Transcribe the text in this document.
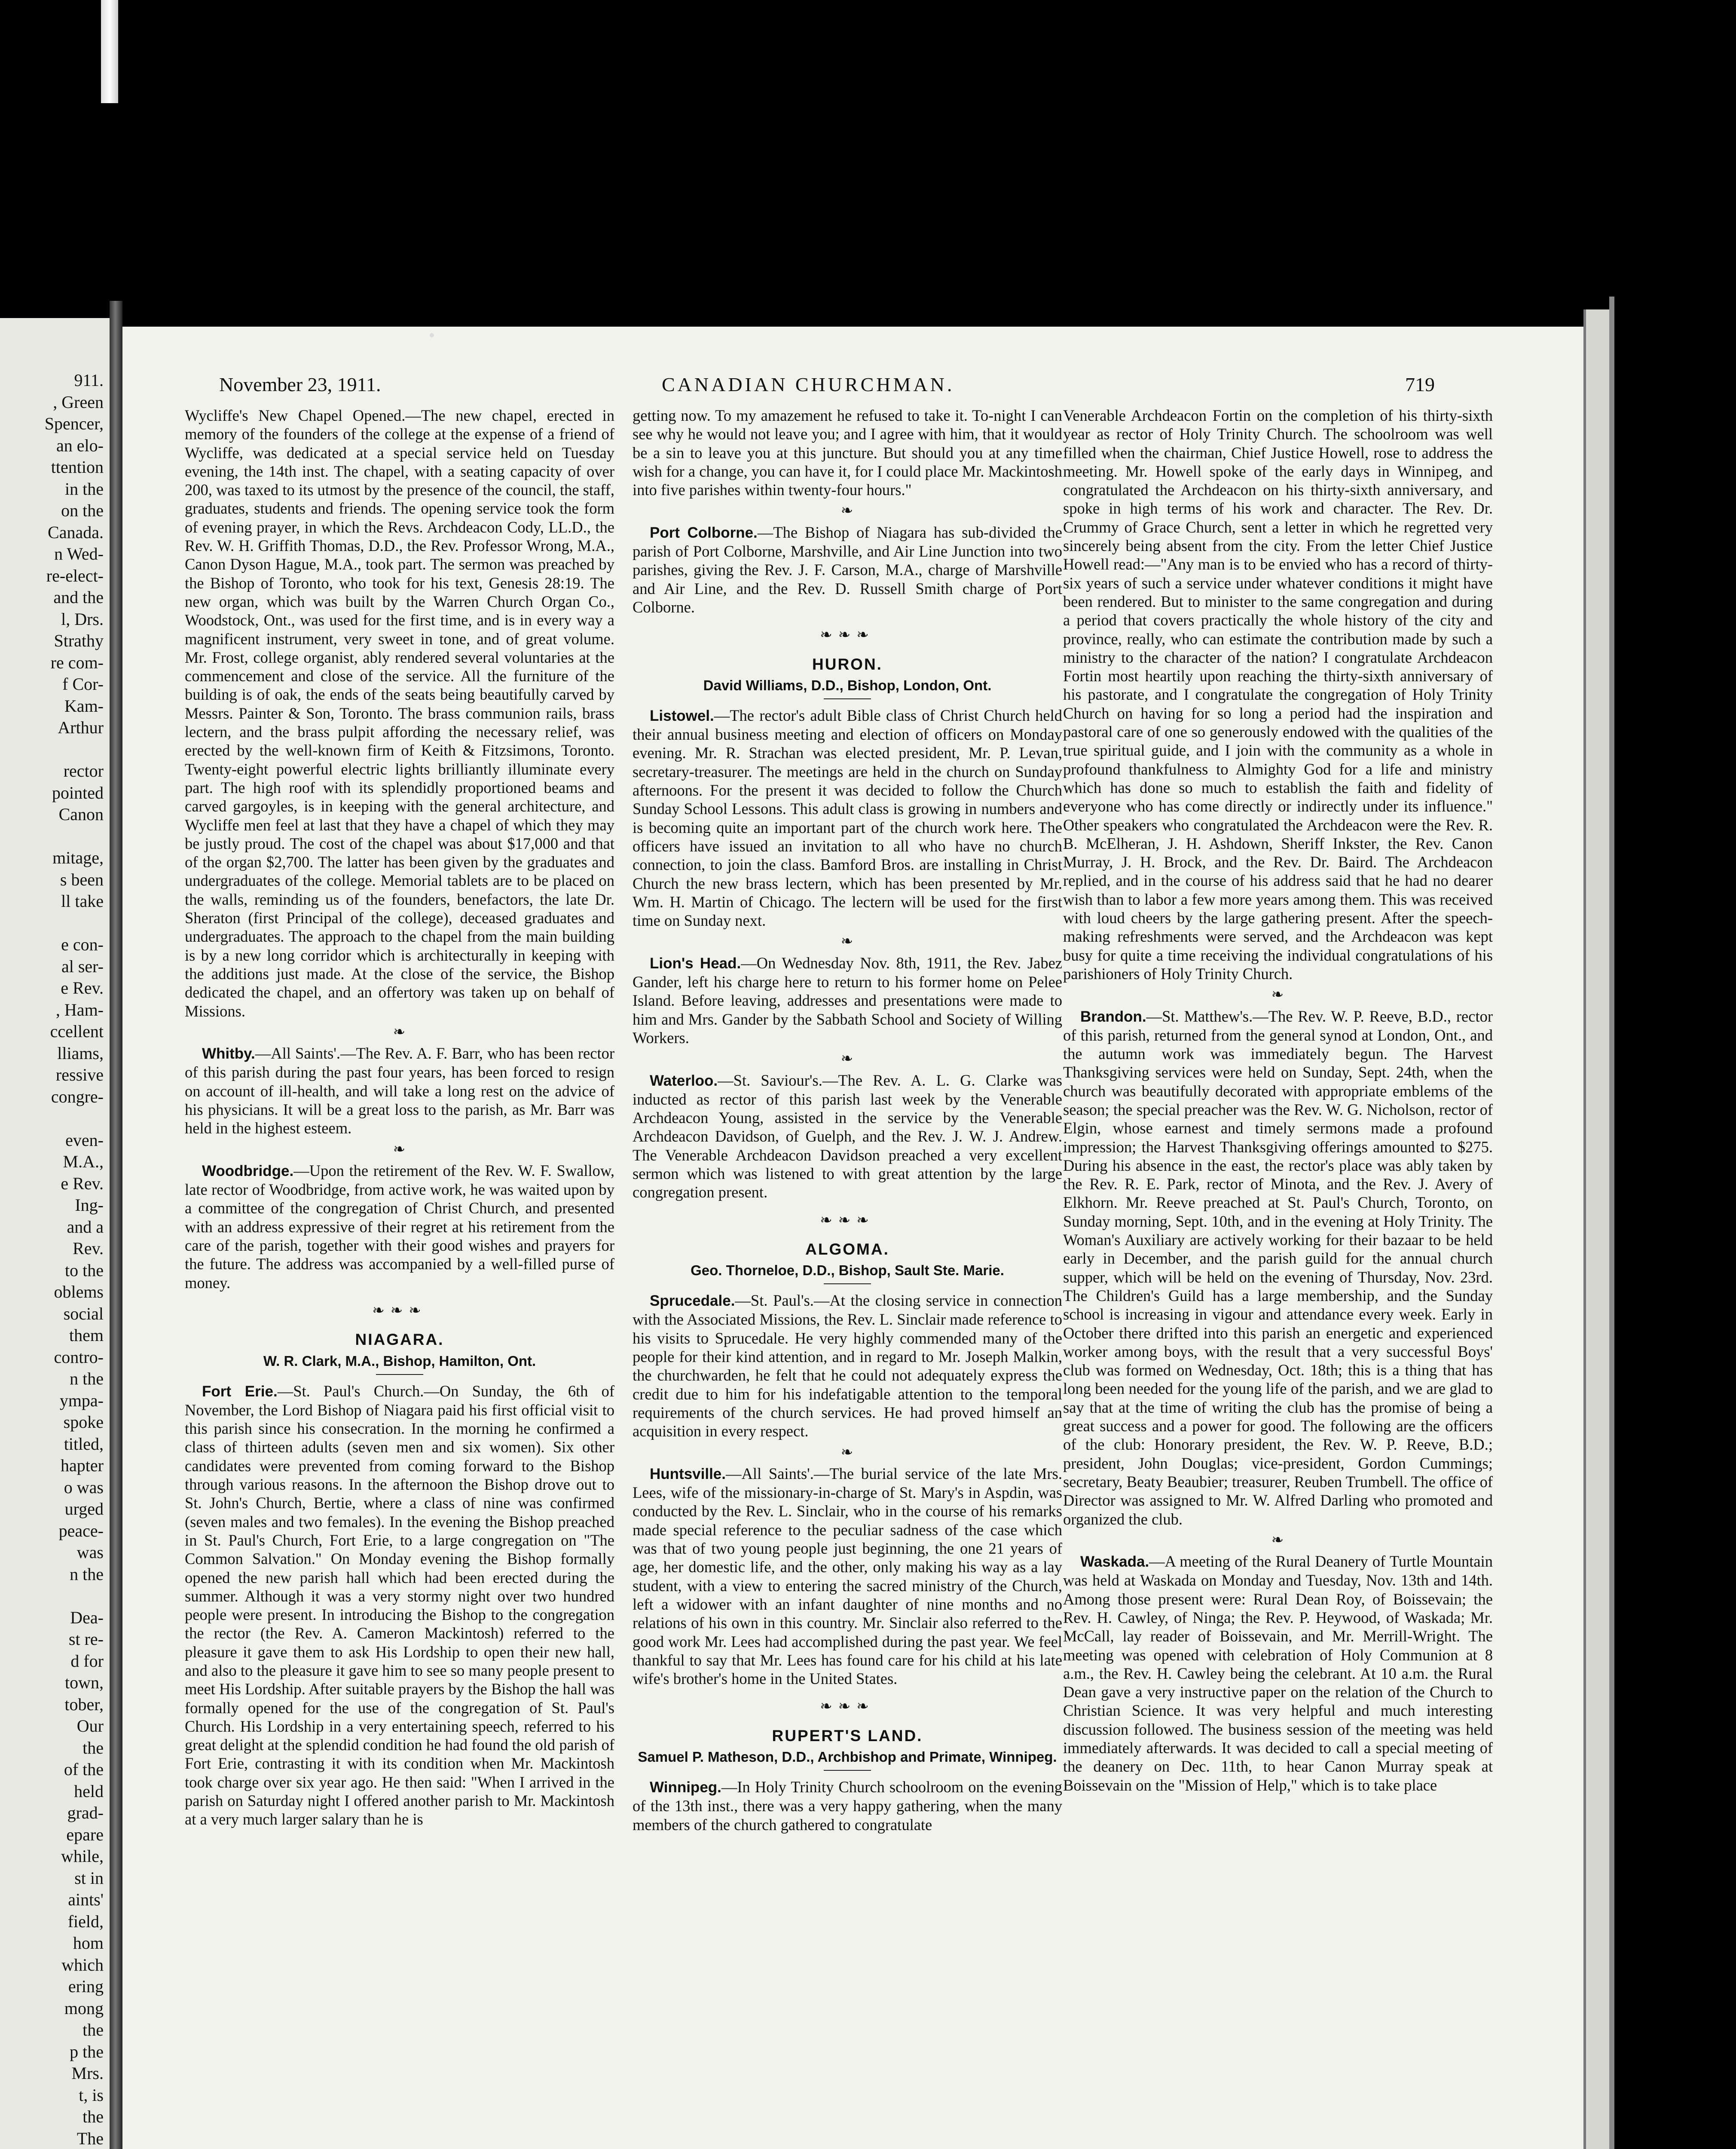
911.
, Green
Spencer,
an elo-
ttention
in the
on the
Canada.
n Wed-
re-elect-
and the
l, Drs.
Strathy
re com-
f Cor-
Kam-
Arthur
rector
pointed
Canon
mitage,
s been
ll take
e con-
al ser-
e Rev.
, Ham-
ccellent
lliams,
ressive
congre-
even-
M.A.,
e Rev.
Ing-
and a
Rev.
to the
oblems
social
them
contro-
n the
ympa-
spoke
titled,
hapter
o was
urged
peace-
was
n the
Dea-
st re-
d for
town,
tober,
Our
the
of the
held
grad-
epare
while,
st in
aints'
field,
hom
which
ering
mong
the
p the
Mrs.
t, is
the
The
November 23, 1911.	CANADIAN CHURCHMAN.	719

Wycliffe's New Chapel Opened.—The new chapel, erected in memory of the founders of the college at the expense of a friend of Wycliffe, was dedicated at a special service held on Tuesday evening, the 14th inst. The chapel, with a seating capacity of over 200, was taxed to its utmost by the presence of the council, the staff, graduates, students and friends. The opening service took the form of evening prayer, in which the Revs. Archdeacon Cody, LL.D., the Rev. W. H. Griffith Thomas, D.D., the Rev. Professor Wrong, M.A., Canon Dyson Hague, M.A., took part. The sermon was preached by the Bishop of Toronto, who took for his text, Genesis 28:19. The new organ, which was built by the Warren Church Organ Co., Woodstock, Ont., was used for the first time, and is in every way a magnificent instrument, very sweet in tone, and of great volume. Mr. Frost, college organist, ably rendered several voluntaries at the commencement and close of the service. All the furniture of the building is of oak, the ends of the seats being beautifully carved by Messrs. Painter & Son, Toronto. The brass communion rails, brass lectern, and the brass pulpit affording the necessary relief, was erected by the well-known firm of Keith & Fitzsimons, Toronto. Twenty-eight powerful electric lights brilliantly illuminate every part. The high roof with its splendidly proportioned beams and carved gargoyles, is in keeping with the general architecture, and Wycliffe men feel at last that they have a chapel of which they may be justly proud. The cost of the chapel was about $17,000 and that of the organ $2,700. The latter has been given by the graduates and undergraduates of the college. Memorial tablets are to be placed on the walls, reminding us of the founders, benefactors, the late Dr. Sheraton (first Principal of the college), deceased graduates and undergraduates. The approach to the chapel from the main building is by a new long corridor which is architecturally in keeping with the additions just made. At the close of the service, the Bishop dedicated the chapel, and an offertory was taken up on behalf of Missions.

❧

Whitby.—All Saints'.—The Rev. A. F. Barr, who has been rector of this parish during the past four years, has been forced to resign on account of ill-health, and will take a long rest on the advice of his physicians. It will be a great loss to the parish, as Mr. Barr was held in the highest esteem.

❧

Woodbridge.—Upon the retirement of the Rev. W. F. Swallow, late rector of Woodbridge, from active work, he was waited upon by a committee of the congregation of Christ Church, and presented with an address expressive of their regret at his retirement from the care of the parish, together with their good wishes and prayers for the future. The address was accompanied by a well-filled purse of money.

❧❧❧
NIAGARA.
W. R. Clark, M.A., Bishop, Hamilton, Ont.

Fort Erie.—St. Paul's Church.—On Sunday, the 6th of November, the Lord Bishop of Niagara paid his first official visit to this parish since his consecration. In the morning he confirmed a class of thirteen adults (seven men and six women). Six other candidates were prevented from coming forward to the Bishop through various reasons. In the afternoon the Bishop drove out to St. John's Church, Bertie, where a class of nine was confirmed (seven males and two females). In the evening the Bishop preached in St. Paul's Church, Fort Erie, to a large congregation on "The Common Salvation." On Monday evening the Bishop formally opened the new parish hall which had been erected during the summer. Although it was a very stormy night over two hundred people were present. In introducing the Bishop to the congregation the rector (the Rev. A. Cameron Mackintosh) referred to the pleasure it gave them to ask His Lordship to open their new hall, and also to the pleasure it gave him to see so many people present to meet His Lordship. After suitable prayers by the Bishop the hall was formally opened for the use of the congregation of St. Paul's Church. His Lordship in a very entertaining speech, referred to his great delight at the splendid condition he had found the old parish of Fort Erie, contrasting it with its condition when Mr. Mackintosh took charge over six year ago. He then said: "When I arrived in the parish on Saturday night I offered another parish to Mr. Mackintosh at a very much larger salary than he is

getting now. To my amazement he refused to take it. To-night I can see why he would not leave you; and I agree with him, that it would be a sin to leave you at this juncture. But should you at any time wish for a change, you can have it, for I could place Mr. Mackintosh into five parishes within twenty-four hours."

❧

Port Colborne.—The Bishop of Niagara has sub-divided the parish of Port Colborne, Marshville, and Air Line Junction into two parishes, giving the Rev. J. F. Carson, M.A., charge of Marshville and Air Line, and the Rev. D. Russell Smith charge of Port Colborne.

❧❧❧
HURON.
David Williams, D.D., Bishop, London, Ont.

Listowel.—The rector's adult Bible class of Christ Church held their annual business meeting and election of officers on Monday evening. Mr. R. Strachan was elected president, Mr. P. Levan, secretary-treasurer. The meetings are held in the church on Sunday afternoons. For the present it was decided to follow the Church Sunday School Lessons. This adult class is growing in numbers and is becoming quite an important part of the church work here. The officers have issued an invitation to all who have no church connection, to join the class. Bamford Bros. are installing in Christ Church the new brass lectern, which has been presented by Mr. Wm. H. Martin of Chicago. The lectern will be used for the first time on Sunday next.

❧

Lion's Head.—On Wednesday Nov. 8th, 1911, the Rev. Jabez Gander, left his charge here to return to his former home on Pelee Island. Before leaving, addresses and presentations were made to him and Mrs. Gander by the Sabbath School and Society of Willing Workers.

❧

Waterloo.—St. Saviour's.—The Rev. A. L. G. Clarke was inducted as rector of this parish last week by the Venerable Archdeacon Young, assisted in the service by the Venerable Archdeacon Davidson, of Guelph, and the Rev. J. W. J. Andrew. The Venerable Archdeacon Davidson preached a very excellent sermon which was listened to with great attention by the large congregation present.

❧❧❧
ALGOMA.
Geo. Thorneloe, D.D., Bishop, Sault Ste. Marie.

Sprucedale.—St. Paul's.—At the closing service in connection with the Associated Missions, the Rev. L. Sinclair made reference to his visits to Sprucedale. He very highly commended many of the people for their kind attention, and in regard to Mr. Joseph Malkin, the churchwarden, he felt that he could not adequately express the credit due to him for his indefatigable attention to the temporal requirements of the church services. He had proved himself an acquisition in every respect.

❧

Huntsville.—All Saints'.—The burial service of the late Mrs. Lees, wife of the missionary-in-charge of St. Mary's in Aspdin, was conducted by the Rev. L. Sinclair, who in the course of his remarks made special reference to the peculiar sadness of the case which was that of two young people just beginning, the one 21 years of age, her domestic life, and the other, only making his way as a lay student, with a view to entering the sacred ministry of the Church, left a widower with an infant daughter of nine months and no relations of his own in this country. Mr. Sinclair also referred to the good work Mr. Lees had accomplished during the past year. We feel thankful to say that Mr. Lees has found care for his child at his late wife's brother's home in the United States.

❧❧❧
RUPERT'S LAND.
Samuel P. Matheson, D.D., Archbishop and Primate, Winnipeg.

Winnipeg.—In Holy Trinity Church schoolroom on the evening of the 13th inst., there was a very happy gathering, when the many members of the church gathered to congratulate

Venerable Archdeacon Fortin on the completion of his thirty-sixth year as rector of Holy Trinity Church. The schoolroom was well filled when the chairman, Chief Justice Howell, rose to address the meeting. Mr. Howell spoke of the early days in Winnipeg, and congratulated the Archdeacon on his thirty-sixth anniversary, and spoke in high terms of his work and character. The Rev. Dr. Crummy of Grace Church, sent a letter in which he regretted very sincerely being absent from the city. From the letter Chief Justice Howell read:—"Any man is to be envied who has a record of thirty-six years of such a service under whatever conditions it might have been rendered. But to minister to the same congregation and during a period that covers practically the whole history of the city and province, really, who can estimate the contribution made by such a ministry to the character of the nation? I congratulate Archdeacon Fortin most heartily upon reaching the thirty-sixth anniversary of his pastorate, and I congratulate the congregation of Holy Trinity Church on having for so long a period had the inspiration and pastoral care of one so generously endowed with the qualities of the true spiritual guide, and I join with the community as a whole in profound thankfulness to Almighty God for a life and ministry which has done so much to establish the faith and fidelity of everyone who has come directly or indirectly under its influence." Other speakers who congratulated the Archdeacon were the Rev. R. B. McElheran, J. H. Ashdown, Sheriff Inkster, the Rev. Canon Murray, J. H. Brock, and the Rev. Dr. Baird. The Archdeacon replied, and in the course of his address said that he had no dearer wish than to labor a few more years among them. This was received with loud cheers by the large gathering present. After the speech-making refreshments were served, and the Archdeacon was kept busy for quite a time receiving the individual congratulations of his parishioners of Holy Trinity Church.

❧

Brandon.—St. Matthew's.—The Rev. W. P. Reeve, B.D., rector of this parish, returned from the general synod at London, Ont., and the autumn work was immediately begun. The Harvest Thanksgiving services were held on Sunday, Sept. 24th, when the church was beautifully decorated with appropriate emblems of the season; the special preacher was the Rev. W. G. Nicholson, rector of Elgin, whose earnest and timely sermons made a profound impression; the Harvest Thanksgiving offerings amounted to $275. During his absence in the east, the rector's place was ably taken by the Rev. R. E. Park, rector of Minota, and the Rev. J. Avery of Elkhorn. Mr. Reeve preached at St. Paul's Church, Toronto, on Sunday morning, Sept. 10th, and in the evening at Holy Trinity. The Woman's Auxiliary are actively working for their bazaar to be held early in December, and the parish guild for the annual church supper, which will be held on the evening of Thursday, Nov. 23rd. The Children's Guild has a large membership, and the Sunday school is increasing in vigour and attendance every week. Early in October there drifted into this parish an energetic and experienced worker among boys, with the result that a very successful Boys' club was formed on Wednesday, Oct. 18th; this is a thing that has long been needed for the young life of the parish, and we are glad to say that at the time of writing the club has the promise of being a great success and a power for good. The following are the officers of the club: Honorary president, the Rev. W. P. Reeve, B.D.; president, John Douglas; vice-president, Gordon Cummings; secretary, Beaty Beaubier; treasurer, Reuben Trumbell. The office of Director was assigned to Mr. W. Alfred Darling who promoted and organized the club.

❧

Waskada.—A meeting of the Rural Deanery of Turtle Mountain was held at Waskada on Monday and Tuesday, Nov. 13th and 14th. Among those present were: Rural Dean Roy, of Boissevain; the Rev. H. Cawley, of Ninga; the Rev. P. Heywood, of Waskada; Mr. McCall, lay reader of Boissevain, and Mr. Merrill-Wright. The meeting was opened with celebration of Holy Communion at 8 a.m., the Rev. H. Cawley being the celebrant. At 10 a.m. the Rural Dean gave a very instructive paper on the relation of the Church to Christian Science. It was very helpful and much interesting discussion followed. The business session of the meeting was held immediately afterwards. It was decided to call a special meeting of the deanery on Dec. 11th, to hear Canon Murray speak at Boissevain on the "Mission of Help," which is to take place
